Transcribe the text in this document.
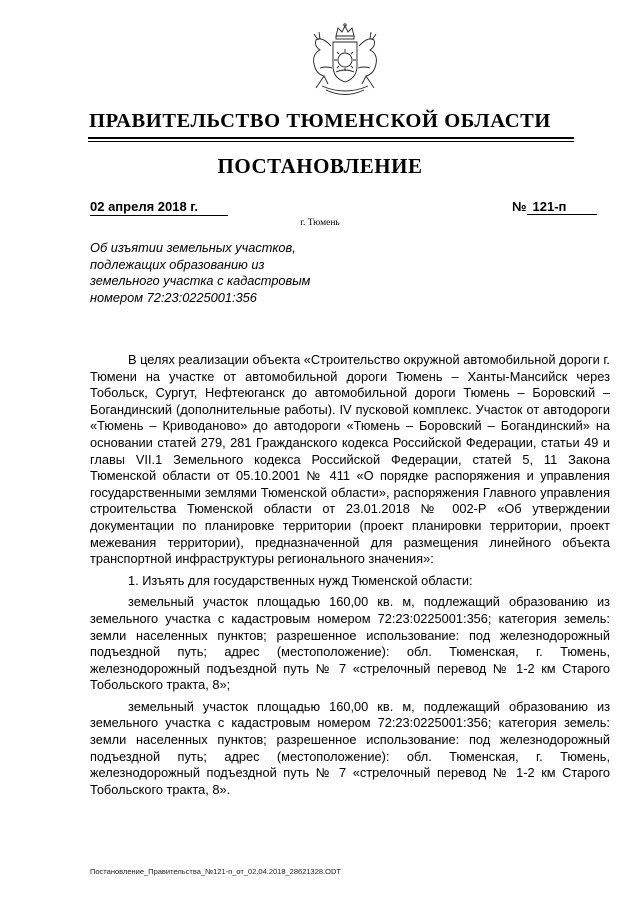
ПРАВИТЕЛЬСТВО ТЮМЕНСКОЙ ОБЛАСТИ
ПОСТАНОВЛЕНИЕ
02 апреля 2018 г.	№ 121-п
г. Тюмень
Об изъятии земельных участков,
подлежащих образованию из
земельного участка с кадастровым
номером 72:23:0225001:356

В целях реализации объекта «Строительство окружной автомобильной дороги г. Тюмени на участке от автомобильной дороги Тюмень – Ханты-Мансийск через Тобольск, Сургут, Нефтеюганск до автомобильной дороги Тюмень – Боровский – Богандинский (дополнительные работы). IV пусковой комплекс. Участок от автодороги «Тюмень – Криводаново» до автодороги «Тюмень – Боровский – Богандинский» на основании статей 279, 281 Гражданского кодекса Российской Федерации, статьи 49 и главы VII.1 Земельного кодекса Российской Федерации, статей 5, 11 Закона Тюменской области от 05.10.2001 № 411 «О порядке распоряжения и управления государственными землями Тюменской области», распоряжения Главного управления строительства Тюменской области от 23.01.2018 № 002-Р «Об утверждении документации по планировке территории (проект планировки территории, проект межевания территории), предназначенной для размещения линейного объекта транспортной инфраструктуры регионального значения»:

1. Изъять для государственных нужд Тюменской области:

земельный участок площадью 160,00 кв. м, подлежащий образованию из земельного участка с кадастровым номером 72:23:0225001:356; категория земель: земли населенных пунктов; разрешенное использование: под железнодорожный подъездной путь; адрес (местоположение): обл. Тюменская, г. Тюмень, железнодорожный подъездной путь № 7 «стрелочный перевод № 1-2 км Старого Тобольского тракта, 8»;

земельный участок площадью 160,00 кв. м, подлежащий образованию из земельного участка с кадастровым номером 72:23:0225001:356; категория земель: земли населенных пунктов; разрешенное использование: под железнодорожный подъездной путь; адрес (местоположение): обл. Тюменская, г. Тюмень, железнодорожный подъездной путь № 7 «стрелочный перевод № 1-2 км Старого Тобольского тракта, 8».

Постановление_Правительства_№121-п_от_02.04.2018_28621328.ODT
